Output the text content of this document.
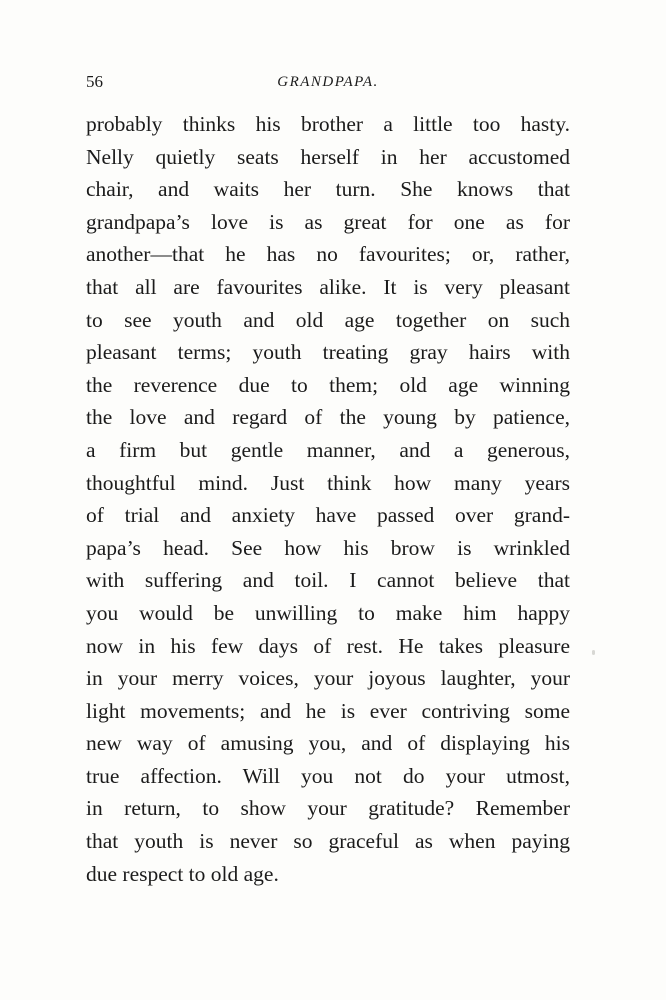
56	GRANDPAPA.
probably thinks his brother a little too hasty.
Nelly quietly seats herself in her accustomed
chair, and waits her turn. She knows that
grandpapa’s love is as great for one as for
another—that he has no favourites; or, rather,
that all are favourites alike. It is very pleasant
to see youth and old age together on such
pleasant terms; youth treating gray hairs with
the reverence due to them; old age winning
the love and regard of the young by patience,
a firm but gentle manner, and a generous,
thoughtful mind. Just think how many years
of trial and anxiety have passed over grand-
papa’s head. See how his brow is wrinkled
with suffering and toil. I cannot believe that
you would be unwilling to make him happy
now in his few days of rest. He takes pleasure
in your merry voices, your joyous laughter, your
light movements; and he is ever contriving some
new way of amusing you, and of displaying his
true affection. Will you not do your utmost,
in return, to show your gratitude? Remember
that youth is never so graceful as when paying
due respect to old age.
